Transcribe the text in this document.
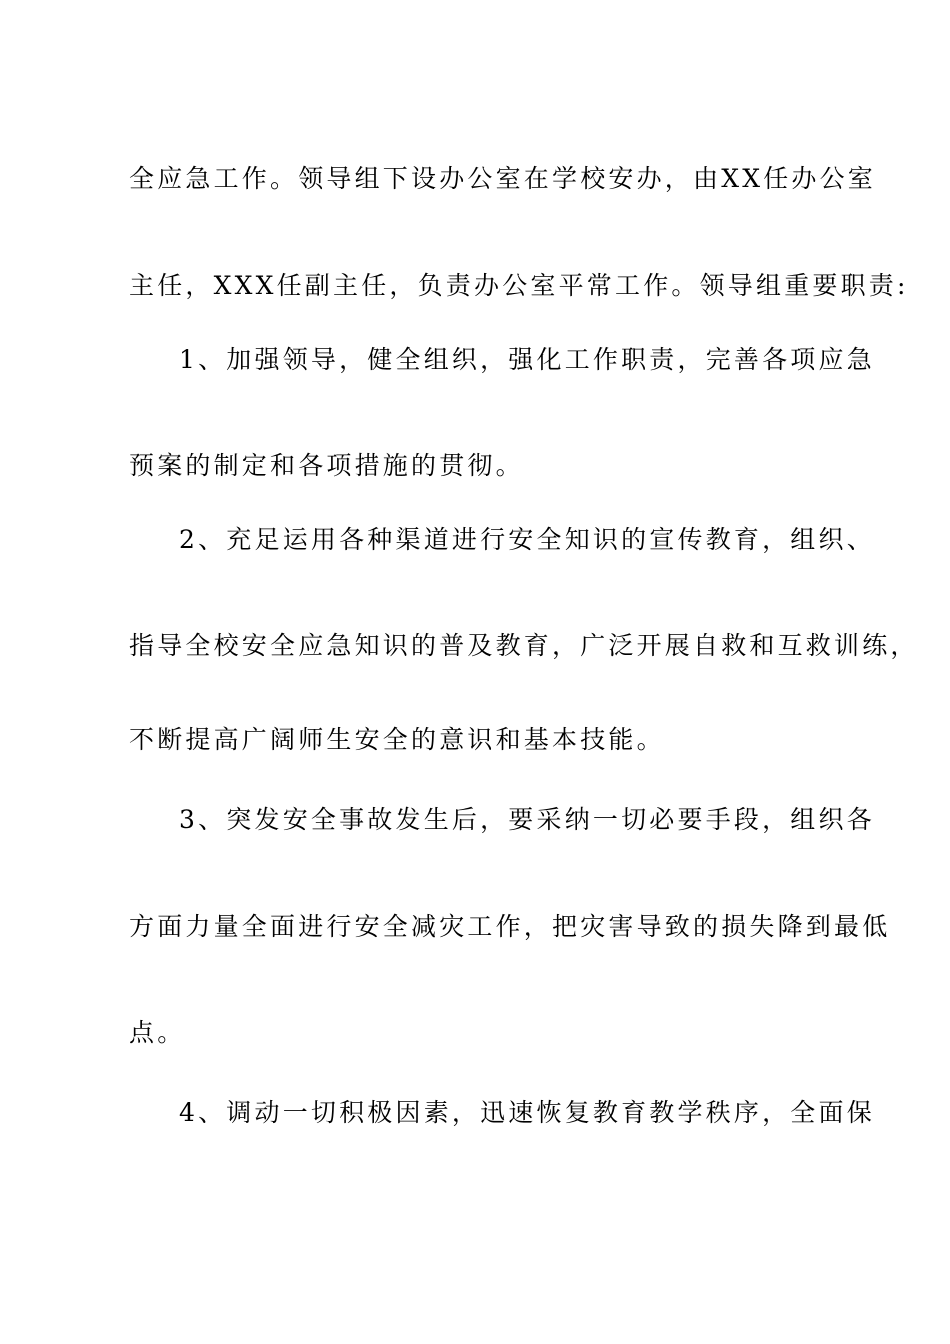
全应急工作。领导组下设办公室在学校安办，由XX任办公室
主任，XXX任副主任，负责办公室平常工作。领导组重要职责:
1、加强领导，健全组织，强化工作职责，完善各项应急
预案的制定和各项措施的贯彻。
2、充足运用各种渠道进行安全知识的宣传教育，组织、
指导全校安全应急知识的普及教育，广泛开展自救和互救训练，
不断提高广阔师生安全的意识和基本技能。
3、突发安全事故发生后，要采纳一切必要手段，组织各
方面力量全面进行安全减灾工作，把灾害导致的损失降到最低
点。
4、调动一切积极因素，迅速恢复教育教学秩序，全面保
